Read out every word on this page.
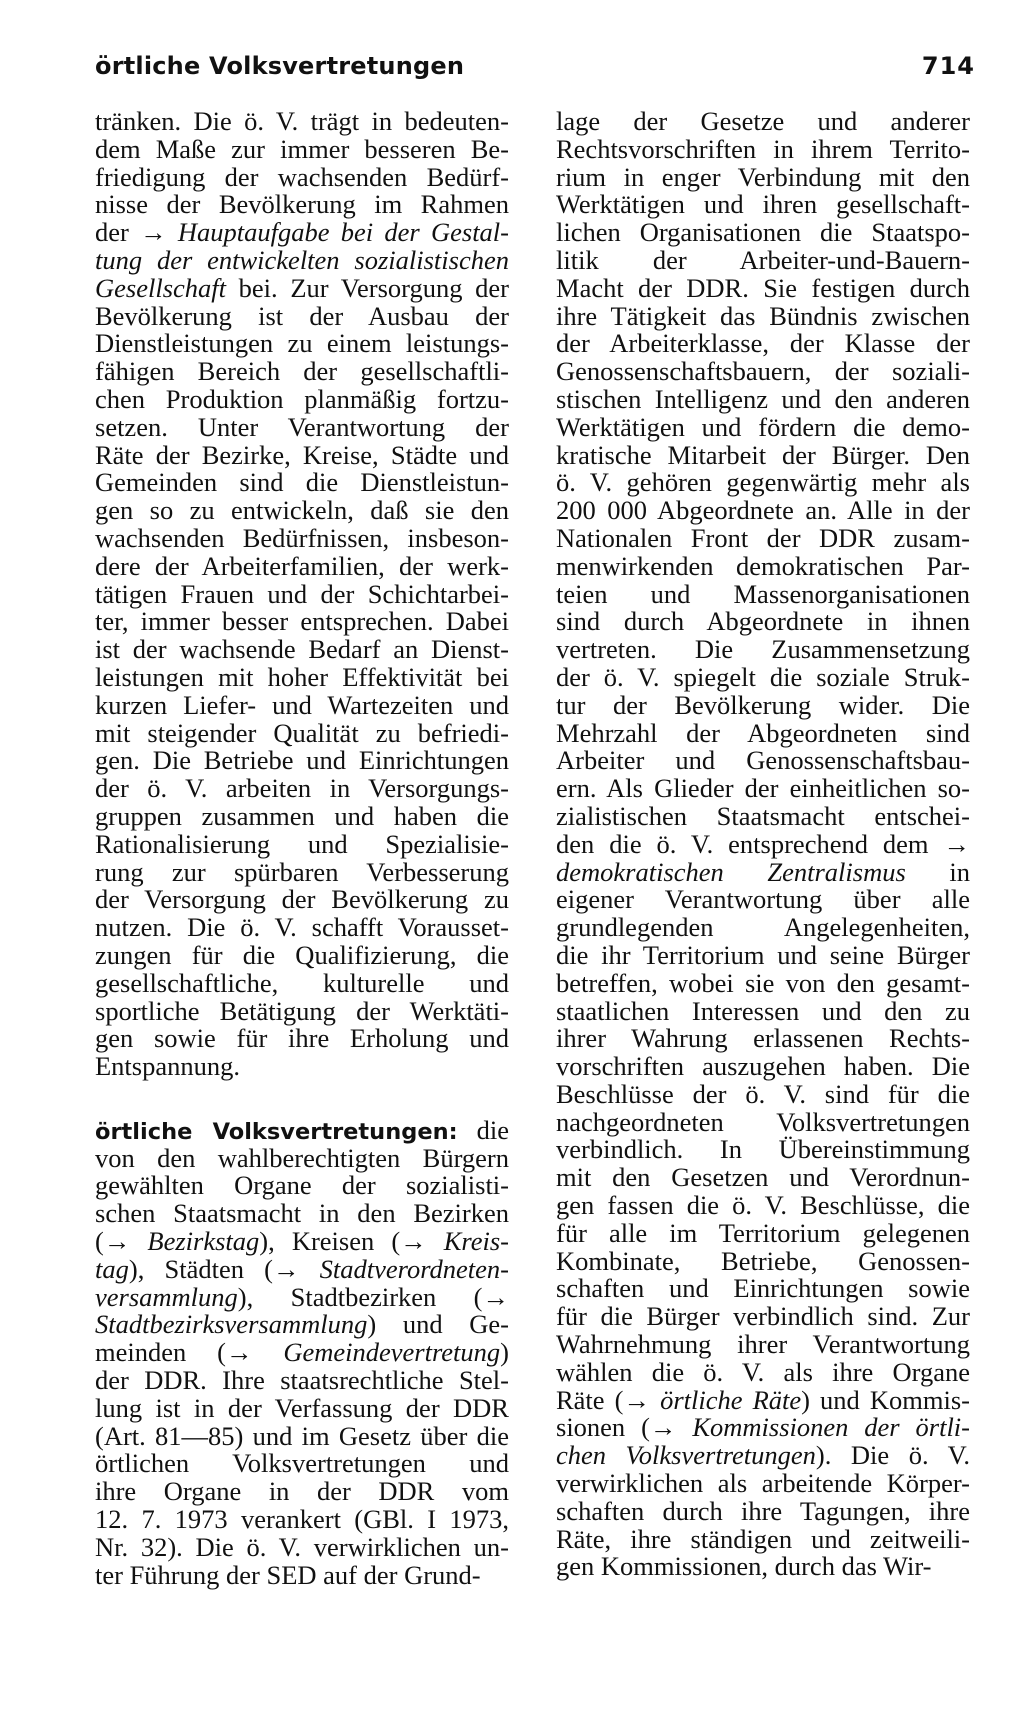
örtliche Volksvertretungen	714
tränken. Die ö. V. trägt in bedeuten-
dem Maße zur immer besseren Be-
friedigung der wachsenden Bedürf-
nisse der Bevölkerung im Rahmen
der → Hauptaufgabe bei der Gestal-
tung der entwickelten sozialistischen
Gesellschaft bei. Zur Versorgung der
Bevölkerung ist der Ausbau der
Dienstleistungen zu einem leistungs-
fähigen Bereich der gesellschaftli-
chen Produktion planmäßig fortzu-
setzen. Unter Verantwortung der
Räte der Bezirke, Kreise, Städte und
Gemeinden sind die Dienstleistun-
gen so zu entwickeln, daß sie den
wachsenden Bedürfnissen, insbeson-
dere der Arbeiterfamilien, der werk-
tätigen Frauen und der Schichtarbei-
ter, immer besser entsprechen. Dabei
ist der wachsende Bedarf an Dienst-
leistungen mit hoher Effektivität bei
kurzen Liefer- und Wartezeiten und
mit steigender Qualität zu befriedi-
gen. Die Betriebe und Einrichtungen
der ö. V. arbeiten in Versorgungs-
gruppen zusammen und haben die
Rationalisierung und Spezialisie-
rung zur spürbaren Verbesserung
der Versorgung der Bevölkerung zu
nutzen. Die ö. V. schafft Vorausset-
zungen für die Qualifizierung, die
gesellschaftliche, kulturelle und
sportliche Betätigung der Werktäti-
gen sowie für ihre Erholung und
Entspannung.
örtliche Volksvertretungen: die
von den wahlberechtigten Bürgern
gewählten Organe der sozialisti-
schen Staatsmacht in den Bezirken
(→ Bezirkstag), Kreisen (→ Kreis-
tag), Städten (→ Stadtverordneten-
versammlung), Stadtbezirken (→
Stadtbezirksversammlung) und Ge-
meinden (→ Gemeindevertretung)
der DDR. Ihre staatsrechtliche Stel-
lung ist in der Verfassung der DDR
(Art. 81—85) und im Gesetz über die
örtlichen Volksvertretungen und
ihre Organe in der DDR vom
12. 7. 1973 verankert (GBl. I 1973,
Nr. 32). Die ö. V. verwirklichen un-
ter Führung der SED auf der Grund-
lage der Gesetze und anderer
Rechtsvorschriften in ihrem Territo-
rium in enger Verbindung mit den
Werktätigen und ihren gesellschaft-
lichen Organisationen die Staatspo-
litik der Arbeiter-und-Bauern-
Macht der DDR. Sie festigen durch
ihre Tätigkeit das Bündnis zwischen
der Arbeiterklasse, der Klasse der
Genossenschaftsbauern, der soziali-
stischen Intelligenz und den anderen
Werktätigen und fördern die demo-
kratische Mitarbeit der Bürger. Den
ö. V. gehören gegenwärtig mehr als
200 000 Abgeordnete an. Alle in der
Nationalen Front der DDR zusam-
menwirkenden demokratischen Par-
teien und Massenorganisationen
sind durch Abgeordnete in ihnen
vertreten. Die Zusammensetzung
der ö. V. spiegelt die soziale Struk-
tur der Bevölkerung wider. Die
Mehrzahl der Abgeordneten sind
Arbeiter und Genossenschaftsbau-
ern. Als Glieder der einheitlichen so-
zialistischen Staatsmacht entschei-
den die ö. V. entsprechend dem →
demokratischen Zentralismus in
eigener Verantwortung über alle
grundlegenden Angelegenheiten,
die ihr Territorium und seine Bürger
betreffen, wobei sie von den gesamt-
staatlichen Interessen und den zu
ihrer Wahrung erlassenen Rechts-
vorschriften auszugehen haben. Die
Beschlüsse der ö. V. sind für die
nachgeordneten Volksvertretungen
verbindlich. In Übereinstimmung
mit den Gesetzen und Verordnun-
gen fassen die ö. V. Beschlüsse, die
für alle im Territorium gelegenen
Kombinate, Betriebe, Genossen-
schaften und Einrichtungen sowie
für die Bürger verbindlich sind. Zur
Wahrnehmung ihrer Verantwortung
wählen die ö. V. als ihre Organe
Räte (→ örtliche Räte) und Kommis-
sionen (→ Kommissionen der örtli-
chen Volksvertretungen). Die ö. V.
verwirklichen als arbeitende Körper-
schaften durch ihre Tagungen, ihre
Räte, ihre ständigen und zeitweili-
gen Kommissionen, durch das Wir-
